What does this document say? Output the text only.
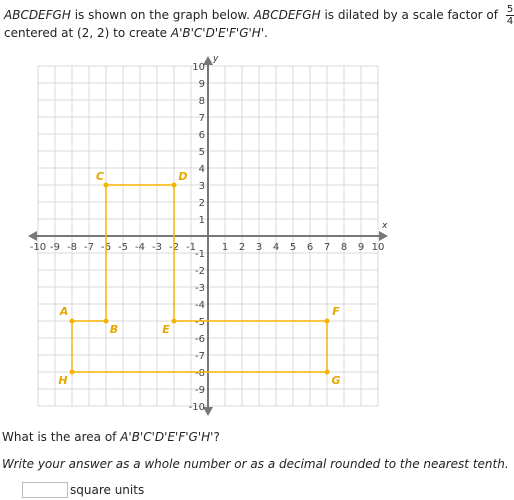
ABCDEFGH is shown on the graph below. ABCDEFGH is dilated by a scale factor of $\frac{5}{4}$
centered at (2, 2) to create A'B'C'D'E'F'G'H'.
x
y
-10 -9 -8 -7 -6 -5 -4 -3 -2 -1	1 2 3 4 5 6 7 8 9 10
10
9
8
7
6
5
4
3
2
1
-1
-2
-3
-4
-5
-6
-7
-8
-9
-10
A
B
C	D
E
F
G
H
What is the area of A'B'C'D'E'F'G'H'?
Write your answer as a whole number or as a decimal rounded to the nearest tenth.
square units
